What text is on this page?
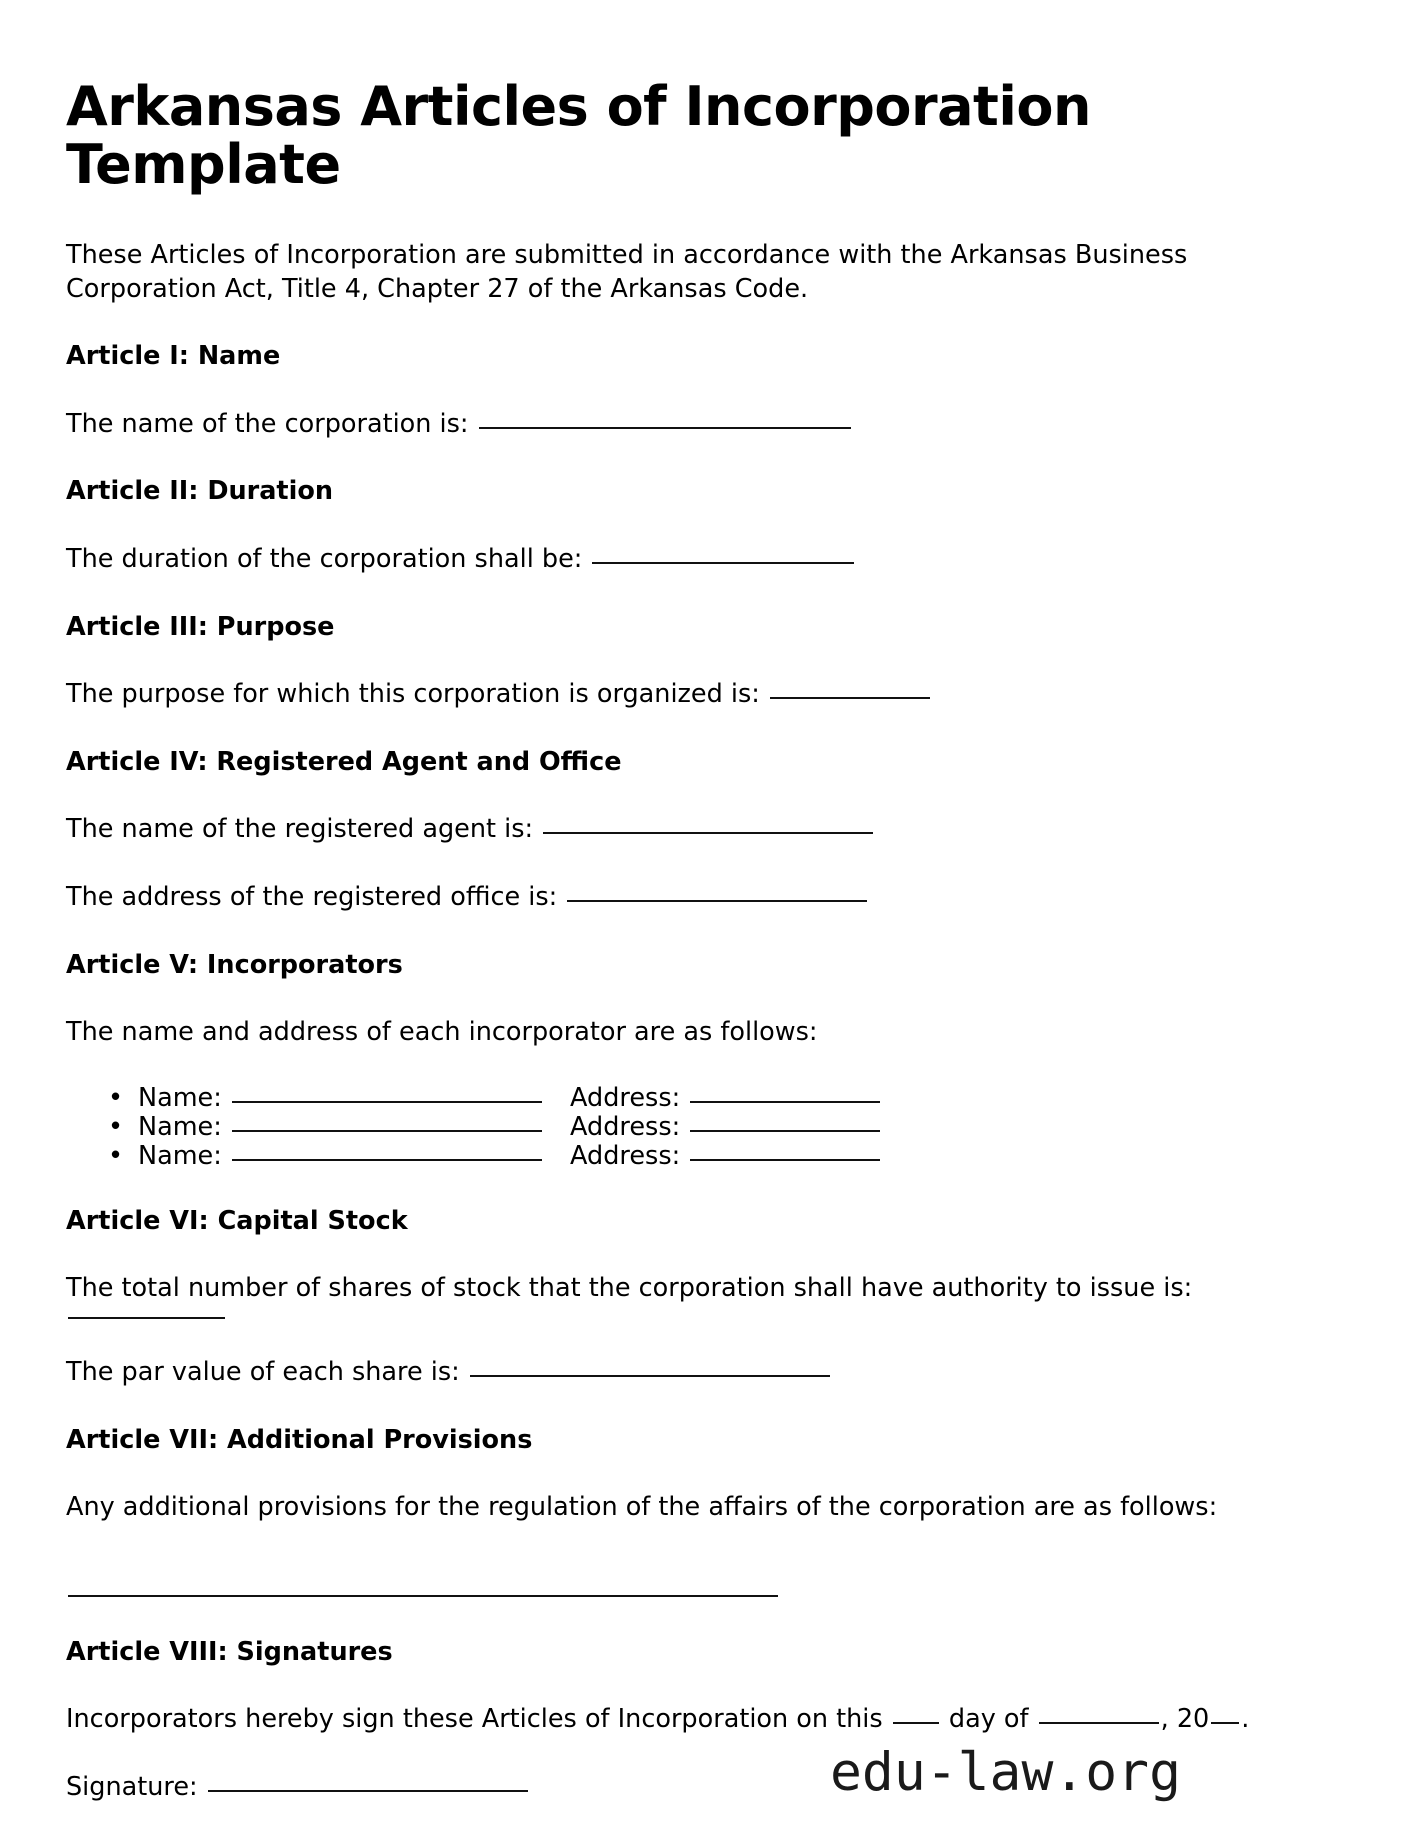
Arkansas Articles of Incorporation Template

These Articles of Incorporation are submitted in accordance with the Arkansas Business Corporation Act, Title 4, Chapter 27 of the Arkansas Code.

Article I: Name

The name of the corporation is:

Article II: Duration

The duration of the corporation shall be:

Article III: Purpose

The purpose for which this corporation is organized is:

Article IV: Registered Agent and Office

The name of the registered agent is:

The address of the registered office is:

Article V: Incorporators

The name and address of each incorporator are as follows:

• Name:	Address:
• Name:	Address:
• Name:	Address:
Article VI: Capital Stock

The total number of shares of stock that the corporation shall have authority to issue is:

The par value of each share is:

Article VII: Additional Provisions

Any additional provisions for the regulation of the affairs of the corporation are as follows:

Article VIII: Signatures

Incorporators hereby sign these Articles of Incorporation on this	day of	, 20 .

Signature:	edu-law.org
